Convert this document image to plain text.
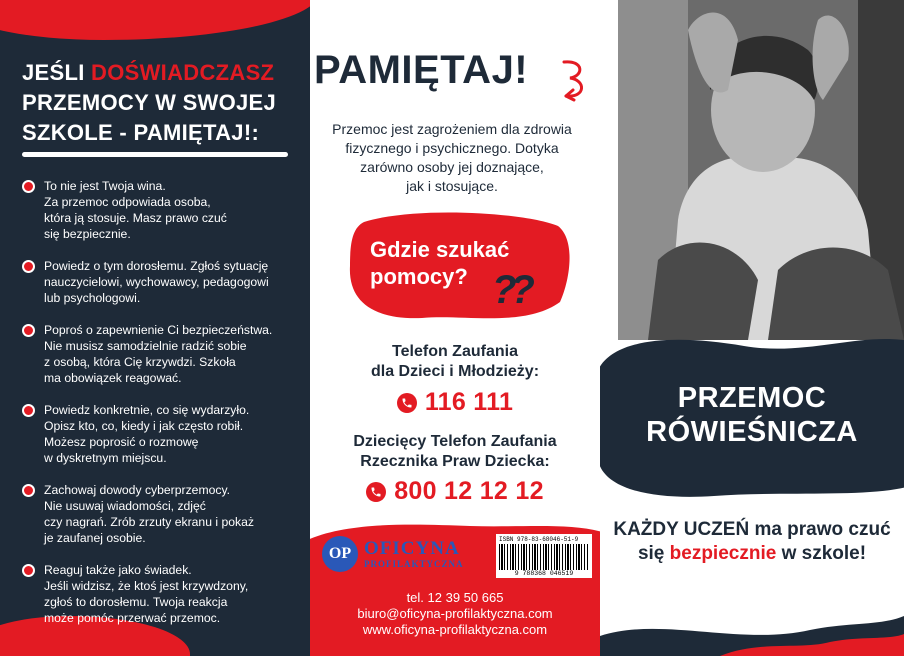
JEŚLI DOŚWIADCZASZ
PRZEMOCY W SWOJEJ SZKOLE - PAMIĘTAJ!:
To nie jest Twoja wina.
Za przemoc odpowiada osoba,
która ją stosuje. Masz prawo czuć
się bezpiecznie.
Powiedz o tym dorosłemu. Zgłoś sytuację
nauczycielowi, wychowawcy, pedagogowi
lub psychologowi.
Poproś o zapewnienie Ci bezpieczeństwa.
Nie musisz samodzielnie radzić sobie
z osobą, która Cię krzywdzi. Szkoła
ma obowiązek reagować.
Powiedz konkretnie, co się wydarzyło.
Opisz kto, co, kiedy i jak często robił.
Możesz poprosić o rozmowę
w dyskretnym miejscu.
Zachowaj dowody cyberprzemocy.
Nie usuwaj wiadomości, zdjęć
czy nagrań. Zrób zrzuty ekranu i pokaż
je zaufanej osobie.
Reaguj także jako świadek.
Jeśli widzisz, że ktoś jest krzywdzony,
zgłoś to dorosłemu. Twoja reakcja
może pomóc przerwać przemoc.
PAMIĘTAJ!
Przemoc jest zagrożeniem dla zdrowia
fizycznego i psychicznego. Dotyka
zarówno osoby jej doznające,
jak i stosujące.
Gdzie szukać
pomocy? ??
Telefon Zaufania
dla Dzieci i Młodzieży:
116 111
Dziecięcy Telefon Zaufania
Rzecznika Praw Dziecka:
800 12 12 12
OP OFICYNA
PROFILAKTYCZNA
ISBN 978-83-68046-51-9
9 788368 046519
tel. 12 39 50 665
biuro@oficyna-profilaktyczna.com
www.oficyna-profilaktyczna.com
PRZEMOC
RÓWIEŚNICZA
KAŻDY UCZEŃ ma prawo czuć się bezpiecznie w szkole!
